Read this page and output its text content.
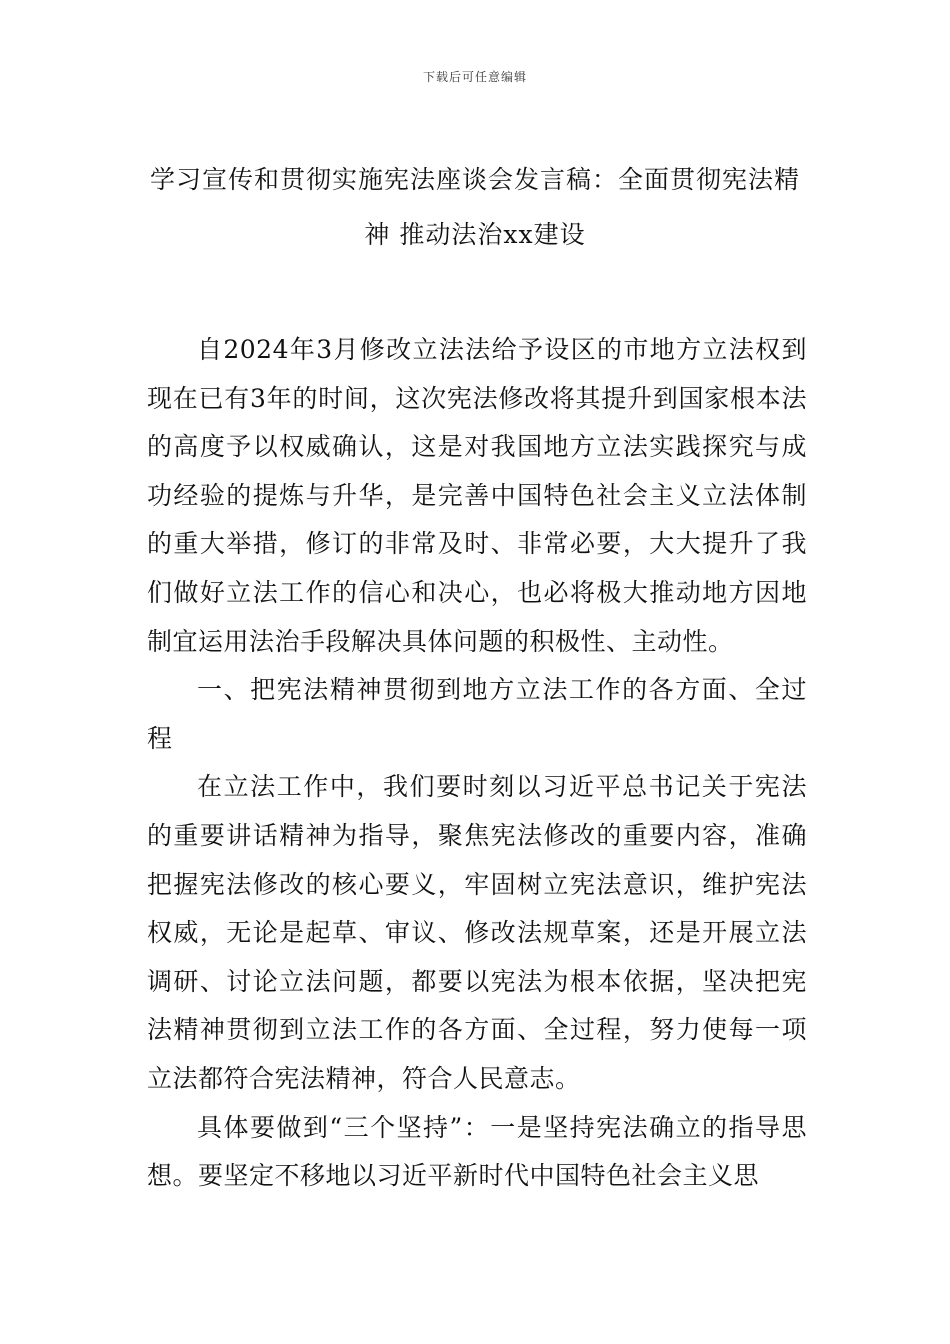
下载后可任意编辑
学习宣传和贯彻实施宪法座谈会发言稿：全面贯彻宪法精
神 推动法治xx建设

自2024年3月修改立法法给予设区的市地方立法权到现在已有3年的时间，这次宪法修改将其提升到国家根本法的高度予以权威确认，这是对我国地方立法实践探究与成功经验的提炼与升华，是完善中国特色社会主义立法体制的重大举措，修订的非常及时、非常必要，大大提升了我们做好立法工作的信心和决心，也必将极大推动地方因地制宜运用法治手段解决具体问题的积极性、主动性。

一、把宪法精神贯彻到地方立法工作的各方面、全过程

在立法工作中，我们要时刻以习近平总书记关于宪法的重要讲话精神为指导，聚焦宪法修改的重要内容，准确把握宪法修改的核心要义，牢固树立宪法意识，维护宪法权威，无论是起草、审议、修改法规草案，还是开展立法调研、讨论立法问题，都要以宪法为根本依据，坚决把宪法精神贯彻到立法工作的各方面、全过程，努力使每一项立法都符合宪法精神，符合人民意志。

具体要做到“三个坚持”：一是坚持宪法确立的指导思想。要坚定不移地以习近平新时代中国特色社会主义思
